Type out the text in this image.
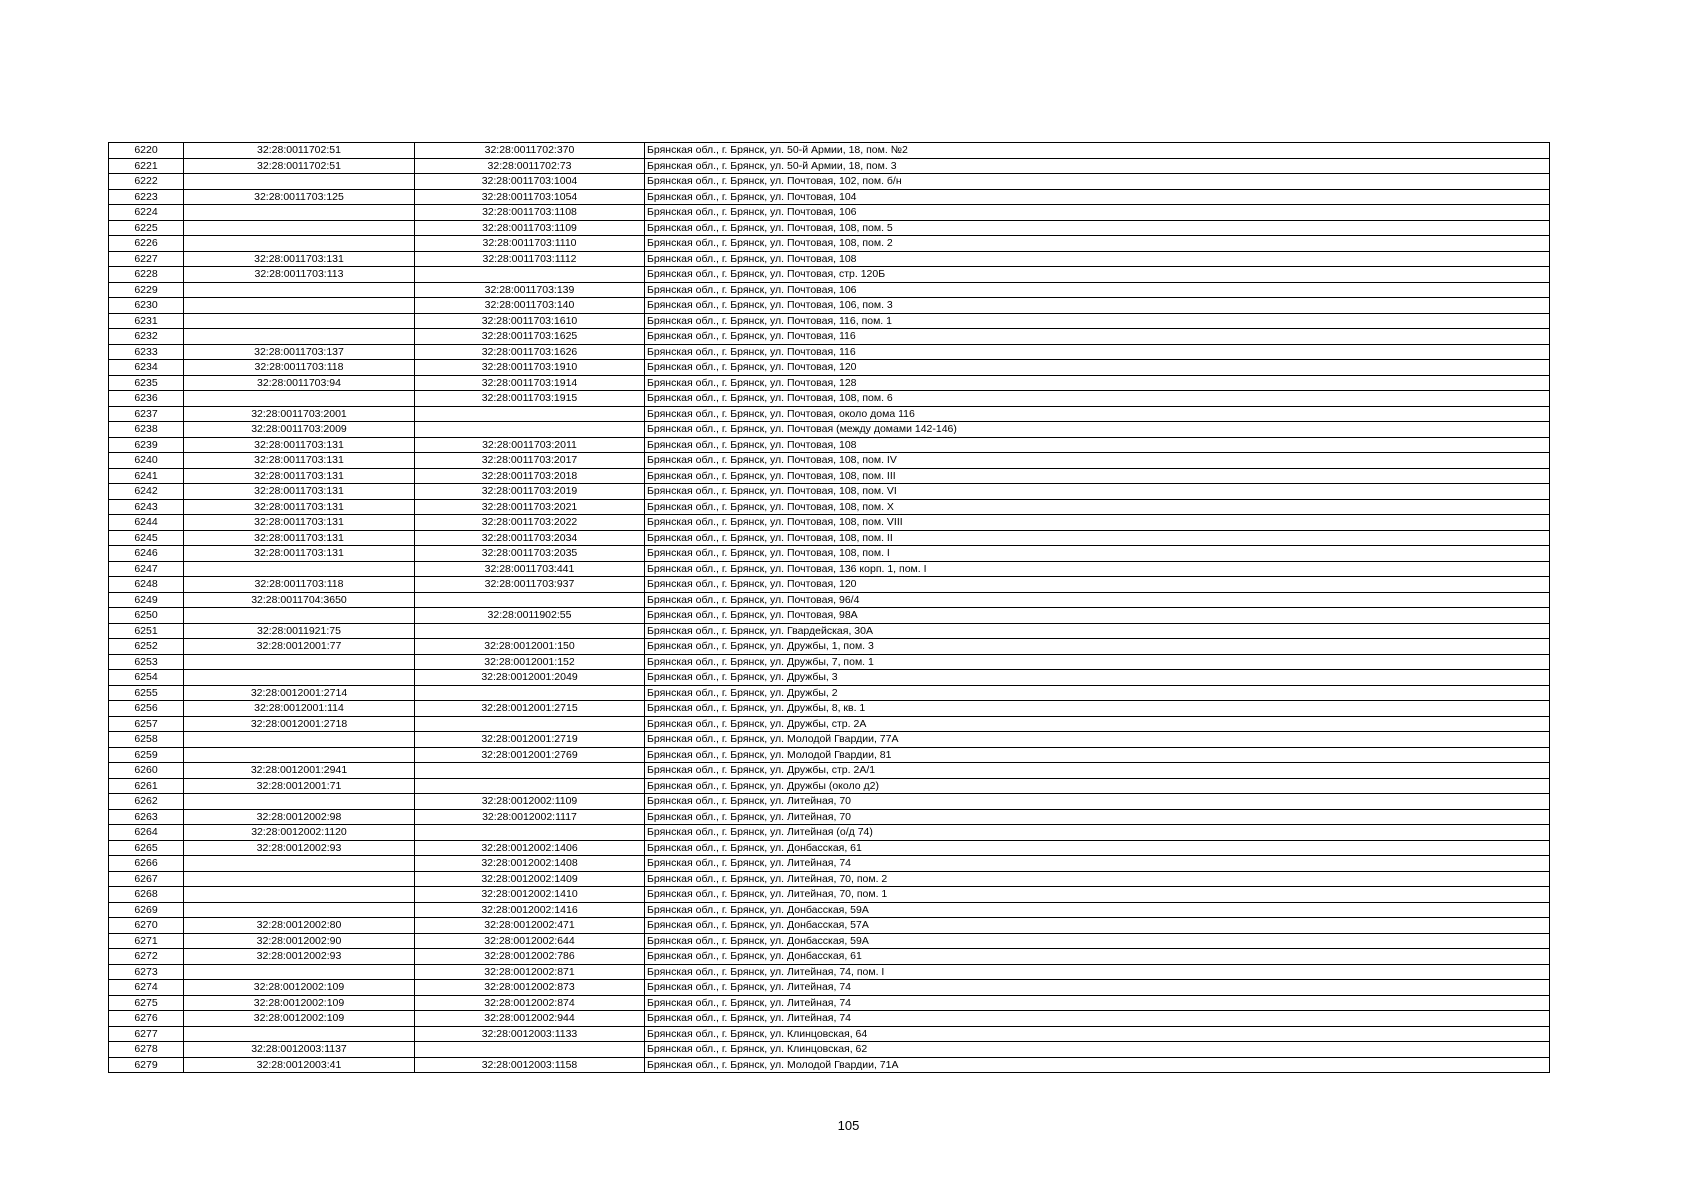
6220	32:28:0011702:51	32:28:0011702:370	Брянская обл., г. Брянск, ул. 50-й Армии, 18, пом. №2
6221	32:28:0011702:51	32:28:0011702:73	Брянская обл., г. Брянск, ул. 50-й Армии, 18, пом. 3
6222		32:28:0011703:1004	Брянская обл., г. Брянск, ул. Почтовая, 102, пом. б/н
6223	32:28:0011703:125	32:28:0011703:1054	Брянская обл., г. Брянск, ул. Почтовая, 104
6224		32:28:0011703:1108	Брянская обл., г. Брянск, ул. Почтовая, 106
6225		32:28:0011703:1109	Брянская обл., г. Брянск, ул. Почтовая, 108, пом. 5
6226		32:28:0011703:1110	Брянская обл., г. Брянск, ул. Почтовая, 108, пом. 2
6227	32:28:0011703:131	32:28:0011703:1112	Брянская обл., г. Брянск, ул. Почтовая, 108
6228	32:28:0011703:113		Брянская обл., г. Брянск, ул. Почтовая, стр. 120Б
6229		32:28:0011703:139	Брянская обл., г. Брянск, ул. Почтовая, 106
6230		32:28:0011703:140	Брянская обл., г. Брянск, ул. Почтовая, 106, пом. 3
6231		32:28:0011703:1610	Брянская обл., г. Брянск, ул. Почтовая, 116, пом. 1
6232		32:28:0011703:1625	Брянская обл., г. Брянск, ул. Почтовая, 116
6233	32:28:0011703:137	32:28:0011703:1626	Брянская обл., г. Брянск, ул. Почтовая, 116
6234	32:28:0011703:118	32:28:0011703:1910	Брянская обл., г. Брянск, ул. Почтовая, 120
6235	32:28:0011703:94	32:28:0011703:1914	Брянская обл., г. Брянск, ул. Почтовая, 128
6236		32:28:0011703:1915	Брянская обл., г. Брянск, ул. Почтовая, 108, пом. 6
6237	32:28:0011703:2001		Брянская обл., г. Брянск, ул. Почтовая, около дома 116
6238	32:28:0011703:2009		Брянская обл., г. Брянск, ул. Почтовая (между домами 142-146)
6239	32:28:0011703:131	32:28:0011703:2011	Брянская обл., г. Брянск, ул. Почтовая, 108
6240	32:28:0011703:131	32:28:0011703:2017	Брянская обл., г. Брянск, ул. Почтовая, 108, пом. IV
6241	32:28:0011703:131	32:28:0011703:2018	Брянская обл., г. Брянск, ул. Почтовая, 108, пом. III
6242	32:28:0011703:131	32:28:0011703:2019	Брянская обл., г. Брянск, ул. Почтовая, 108, пом. VI
6243	32:28:0011703:131	32:28:0011703:2021	Брянская обл., г. Брянск, ул. Почтовая, 108, пом. X
6244	32:28:0011703:131	32:28:0011703:2022	Брянская обл., г. Брянск, ул. Почтовая, 108, пом. VIII
6245	32:28:0011703:131	32:28:0011703:2034	Брянская обл., г. Брянск, ул. Почтовая, 108, пом. II
6246	32:28:0011703:131	32:28:0011703:2035	Брянская обл., г. Брянск, ул. Почтовая, 108, пом. I
6247		32:28:0011703:441	Брянская обл., г. Брянск, ул. Почтовая, 136 корп. 1, пом. I
6248	32:28:0011703:118	32:28:0011703:937	Брянская обл., г. Брянск, ул. Почтовая, 120
6249	32:28:0011704:3650		Брянская обл., г. Брянск, ул. Почтовая, 96/4
6250		32:28:0011902:55	Брянская обл., г. Брянск, ул. Почтовая, 98А
6251	32:28:0011921:75		Брянская обл., г. Брянск, ул. Гвардейская, 30А
6252	32:28:0012001:77	32:28:0012001:150	Брянская обл., г. Брянск, ул. Дружбы, 1, пом. 3
6253		32:28:0012001:152	Брянская обл., г. Брянск, ул. Дружбы, 7, пом. 1
6254		32:28:0012001:2049	Брянская обл., г. Брянск, ул. Дружбы, 3
6255	32:28:0012001:2714		Брянская обл., г. Брянск, ул. Дружбы, 2
6256	32:28:0012001:114	32:28:0012001:2715	Брянская обл., г. Брянск, ул. Дружбы, 8, кв. 1
6257	32:28:0012001:2718		Брянская обл., г. Брянск, ул. Дружбы, стр. 2А
6258		32:28:0012001:2719	Брянская обл., г. Брянск, ул. Молодой Гвардии, 77А
6259		32:28:0012001:2769	Брянская обл., г. Брянск, ул. Молодой Гвардии, 81
6260	32:28:0012001:2941		Брянская обл., г. Брянск, ул. Дружбы, стр. 2А/1
6261	32:28:0012001:71		Брянская обл., г. Брянск, ул. Дружбы (около д2)
6262		32:28:0012002:1109	Брянская обл., г. Брянск, ул. Литейная, 70
6263	32:28:0012002:98	32:28:0012002:1117	Брянская обл., г. Брянск, ул. Литейная, 70
6264	32:28:0012002:1120		Брянская обл., г. Брянск, ул. Литейная (о/д 74)
6265	32:28:0012002:93	32:28:0012002:1406	Брянская обл., г. Брянск, ул. Донбасская, 61
6266		32:28:0012002:1408	Брянская обл., г. Брянск, ул. Литейная, 74
6267		32:28:0012002:1409	Брянская обл., г. Брянск, ул. Литейная, 70, пом. 2
6268		32:28:0012002:1410	Брянская обл., г. Брянск, ул. Литейная, 70, пом. 1
6269		32:28:0012002:1416	Брянская обл., г. Брянск, ул. Донбасская, 59А
6270	32:28:0012002:80	32:28:0012002:471	Брянская обл., г. Брянск, ул. Донбасская, 57А
6271	32:28:0012002:90	32:28:0012002:644	Брянская обл., г. Брянск, ул. Донбасская, 59А
6272	32:28:0012002:93	32:28:0012002:786	Брянская обл., г. Брянск, ул. Донбасская, 61
6273		32:28:0012002:871	Брянская обл., г. Брянск, ул. Литейная, 74, пом. I
6274	32:28:0012002:109	32:28:0012002:873	Брянская обл., г. Брянск, ул. Литейная, 74
6275	32:28:0012002:109	32:28:0012002:874	Брянская обл., г. Брянск, ул. Литейная, 74
6276	32:28:0012002:109	32:28:0012002:944	Брянская обл., г. Брянск, ул. Литейная, 74
6277		32:28:0012003:1133	Брянская обл., г. Брянск, ул. Клинцовская, 64
6278	32:28:0012003:1137		Брянская обл., г. Брянск, ул. Клинцовская, 62
6279	32:28:0012003:41	32:28:0012003:1158	Брянская обл., г. Брянск, ул. Молодой Гвардии, 71А
105
